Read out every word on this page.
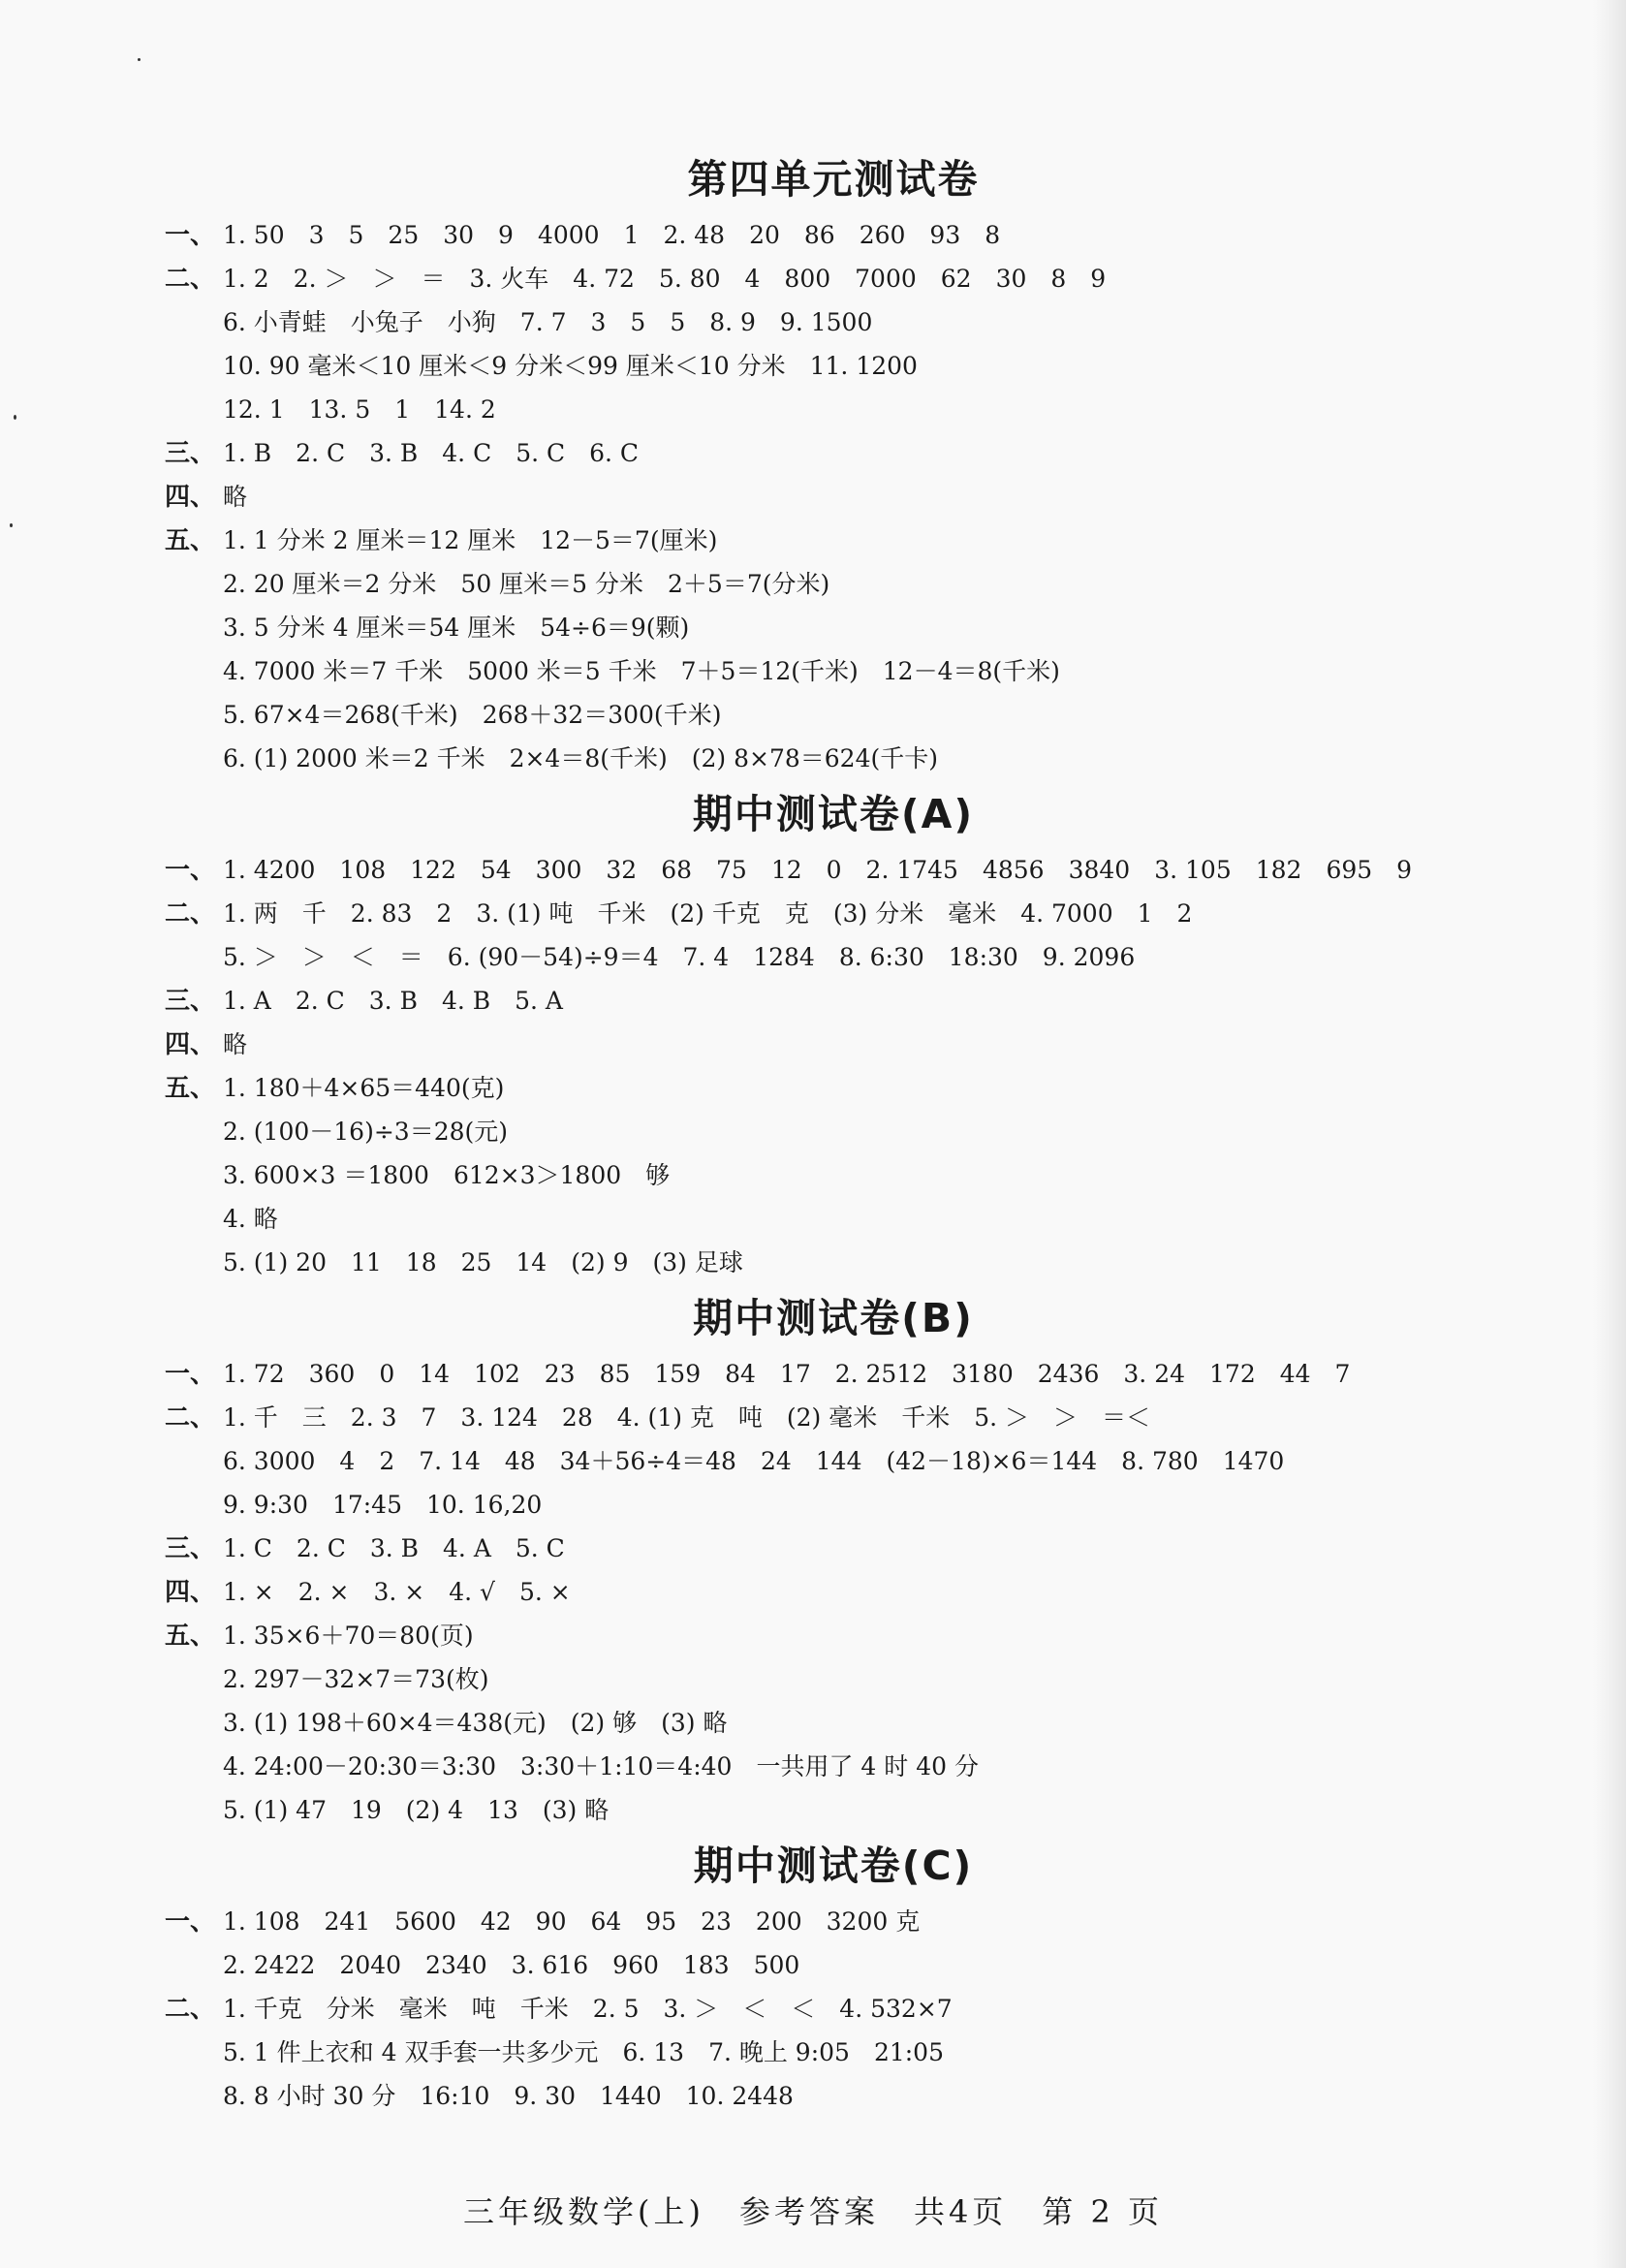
第四单元测试卷
一、 1. 50　3　5　25　30　9　4000　1　2. 48　20　86　260　93　8
二、 1. 2　2. ＞　＞　＝　3. 火车　4. 72　5. 80　4　800　7000　62　30　8　9
6. 小青蛙　小兔子　小狗　7. 7　3　5　5　8. 9　9. 1500
10. 90 毫米＜10 厘米＜9 分米＜99 厘米＜10 分米　11. 1200
12. 1　13. 5　1　14. 2
三、 1. B　2. C　3. B　4. C　5. C　6. C
四、 略
五、 1. 1 分米 2 厘米＝12 厘米　12－5＝7(厘米)
2. 20 厘米＝2 分米　50 厘米＝5 分米　2＋5＝7(分米)
3. 5 分米 4 厘米＝54 厘米　54÷6＝9(颗)
4. 7000 米＝7 千米　5000 米＝5 千米　7＋5＝12(千米)　12－4＝8(千米)
5. 67×4＝268(千米)　268＋32＝300(千米)
6. (1) 2000 米＝2 千米　2×4＝8(千米)　(2) 8×78＝624(千卡)
期中测试卷(A)
一、 1. 4200　108　122　54　300　32　68　75　12　0　2. 1745　4856　3840　3. 105　182　695　9
二、 1. 两　千　2. 83　2　3. (1) 吨　千米　(2) 千克　克　(3) 分米　毫米　4. 7000　1　2
5. ＞　＞　＜　＝　6. (90－54)÷9＝4　7. 4　1284　8. 6:30　18:30　9. 2096
三、 1. A　2. C　3. B　4. B　5. A
四、 略
五、 1. 180＋4×65＝440(克)
2. (100－16)÷3＝28(元)
3. 600×3 ＝1800　612×3＞1800　够
4. 略
5. (1) 20　11　18　25　14　(2) 9　(3) 足球
期中测试卷(B)
一、 1. 72　360　0　14　102　23　85　159　84　17　2. 2512　3180　2436　3. 24　172　44　7
二、 1. 千　三　2. 3　7　3. 124　28　4. (1) 克　吨　(2) 毫米　千米　5. ＞　＞　＝＜
6. 3000　4　2　7. 14　48　34＋56÷4＝48　24　144　(42－18)×6＝144　8. 780　1470
9. 9:30　17:45　10. 16,20
三、 1. C　2. C　3. B　4. A　5. C
四、 1. ×　2. ×　3. ×　4. √　5. ×
五、 1. 35×6＋70＝80(页)
2. 297－32×7＝73(枚)
3. (1) 198＋60×4＝438(元)　(2) 够　(3) 略
4. 24:00－20:30＝3:30　3:30＋1:10＝4:40　一共用了 4 时 40 分
5. (1) 47　19　(2) 4　13　(3) 略
期中测试卷(C)
一、 1. 108　241　5600　42　90　64　95　23　200　3200 克
2. 2422　2040　2340　3. 616　960　183　500
二、 1. 千克　分米　毫米　吨　千米　2. 5　3. ＞　＜　＜　4. 532×7
5. 1 件上衣和 4 双手套一共多少元　6. 13　7. 晚上 9:05　21:05
8. 8 小时 30 分　16:10　9. 30　1440　10. 2448
三年级数学(上)　参考答案　共4页　第 2 页
